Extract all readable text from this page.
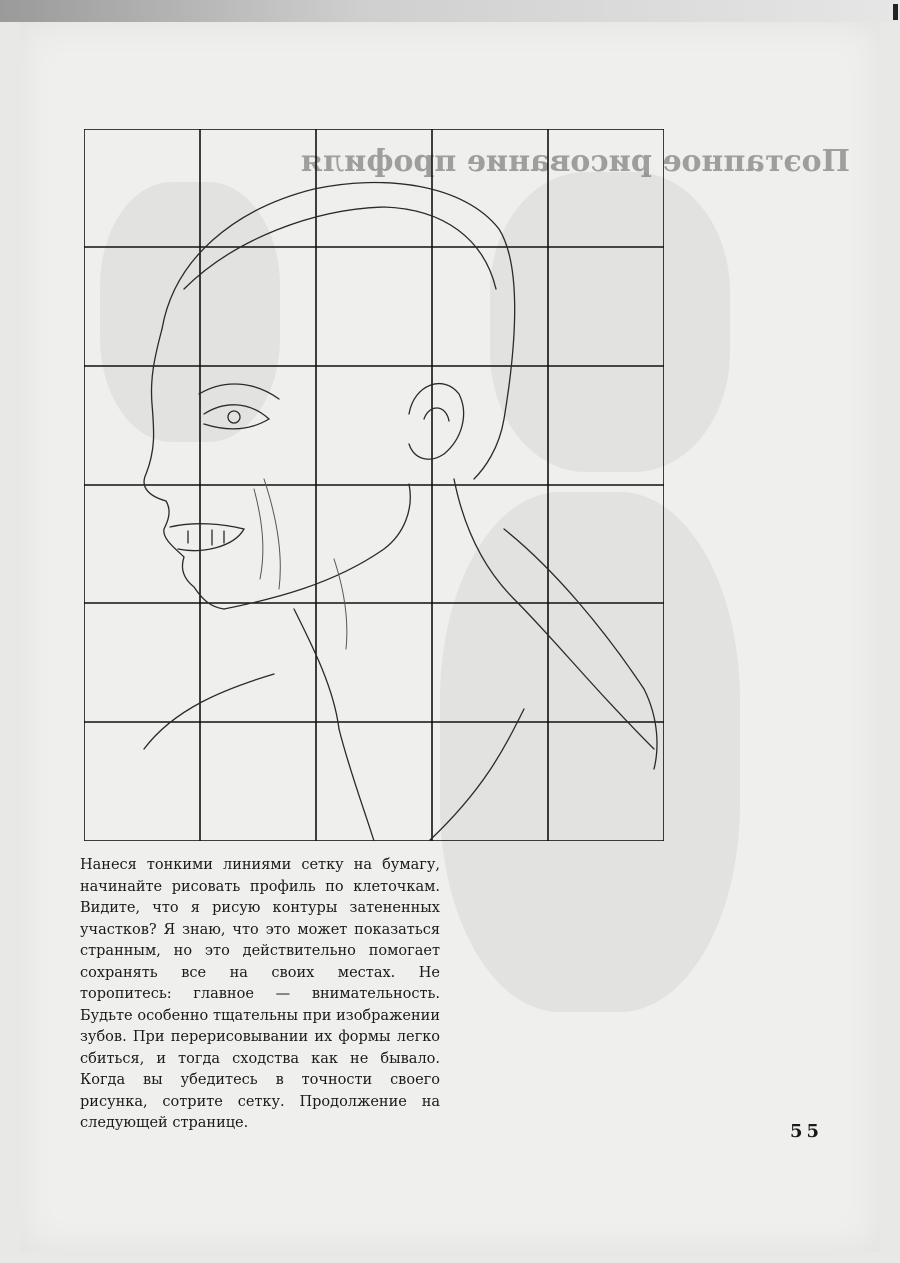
Поэтапное рисование профиля

Нанеся тонкими линиями сетку на бумагу, начинайте рисовать профиль по клеточкам. Видите, что я рисую контуры затененных участков? Я знаю, что это может показаться странным, но это действительно помогает сохранять все на своих местах. Не торопитесь: главное — внимательность. Будьте особенно тщательны при изображении зубов. При перерисовывании их формы легко сбиться, и тогда сходства как не бывало. Когда вы убедитесь в точности своего рисунка, сотрите сетку. Продолжение на следующей странице.	55
